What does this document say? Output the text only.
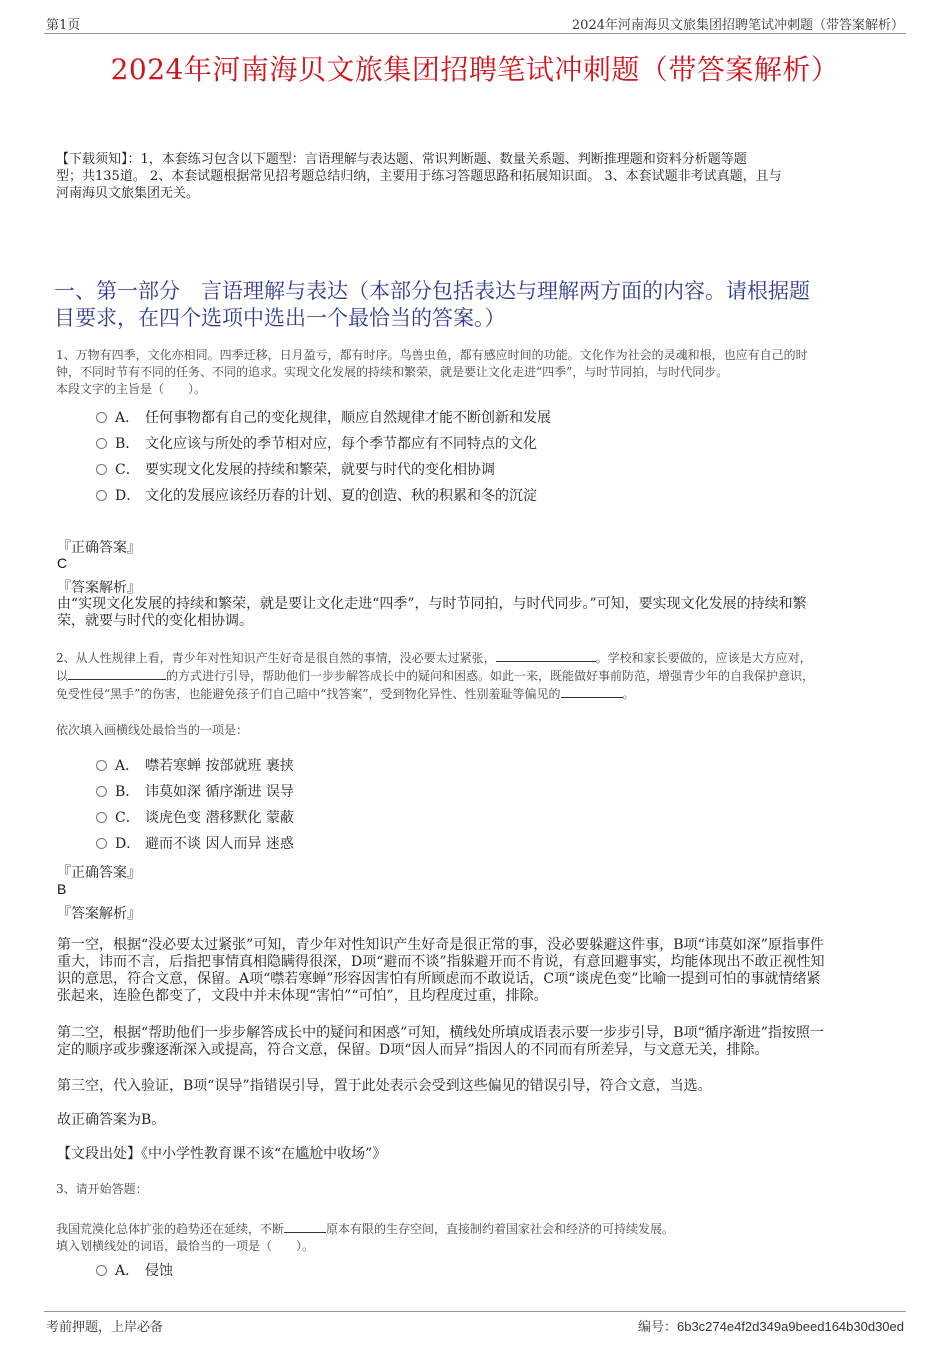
第1页	2024年河南海贝文旅集团招聘笔试冲刺题（带答案解析）
2024年河南海贝文旅集团招聘笔试冲刺题（带答案解析）
【下载须知】：1，本套练习包含以下题型：言语理解与表达题、常识判断题、数量关系题、判断推理题和资料分析题等题
型；共135道。 2、本套试题根据常见招考题总结归纳，主要用于练习答题思路和拓展知识面。 3、本套试题非考试真题，且与
河南海贝文旅集团无关。
一、第一部分　言语理解与表达（本部分包括表达与理解两方面的内容。请根据题
目要求，在四个选项中选出一个最恰当的答案。）
1、万物有四季，文化亦相同。四季迁移，日月盈亏，都有时序。鸟兽虫鱼，都有感应时间的功能。文化作为社会的灵魂和根，也应有自己的时
钟，不同时节有不同的任务、不同的追求。实现文化发展的持续和繁荣，就是要让文化走进“四季”，与时节同拍，与时代同步。
本段文字的主旨是（　　）。
A． 任何事物都有自己的变化规律，顺应自然规律才能不断创新和发展
B． 文化应该与所处的季节相对应，每个季节都应有不同特点的文化
C． 要实现文化发展的持续和繁荣，就要与时代的变化相协调
D． 文化的发展应该经历春的计划、夏的创造、秋的积累和冬的沉淀
『正确答案』
C
『答案解析』
由“实现文化发展的持续和繁荣，就是要让文化走进“四季”，与时节同拍，与时代同步。”可知，要实现文化发展的持续和繁
荣，就要与时代的变化相协调。
2、从人性规律上看，青少年对性知识产生好奇是很自然的事情，没必要太过紧张，	。学校和家长要做的，应该是大方应对，
以	的方式进行引导，帮助他们一步步解答成长中的疑问和困惑。如此一来，既能做好事前防范，增强青少年的自我保护意识，
免受性侵“黑手”的伤害，也能避免孩子们自己暗中“找答案”，受到物化异性、性别羞耻等偏见的	。
依次填入画横线处最恰当的一项是：
A． 噤若寒蝉 按部就班 裹挟
B． 讳莫如深 循序渐进 误导
C． 谈虎色变 潜移默化 蒙蔽
D． 避而不谈 因人而异 迷惑
『正确答案』
B
『答案解析』
第一空，根据“没必要太过紧张”可知，青少年对性知识产生好奇是很正常的事，没必要躲避这件事，B项“讳莫如深”原指事件
重大，讳而不言，后指把事情真相隐瞒得很深，D项“避而不谈”指躲避开而不肯说，有意回避事实，均能体现出不敢正视性知
识的意思，符合文意，保留。A项“噤若寒蝉”形容因害怕有所顾虑而不敢说话，C项“谈虎色变”比喻一提到可怕的事就情绪紧
张起来，连脸色都变了，文段中并未体现“害怕”“可怕”，且均程度过重，排除。
第二空，根据“帮助他们一步步解答成长中的疑问和困惑”可知，横线处所填成语表示要一步步引导，B项“循序渐进”指按照一
定的顺序或步骤逐渐深入或提高，符合文意，保留。D项“因人而异”指因人的不同而有所差异，与文意无关，排除。
第三空，代入验证，B项“误导”指错误引导，置于此处表示会受到这些偏见的错误引导，符合文意，当选。
故正确答案为B。
【文段出处】《中小学性教育课不该“在尴尬中收场”》
3、请开始答题：
我国荒漠化总体扩张的趋势还在延续，不断	原本有限的生存空间，直接制约着国家社会和经济的可持续发展。
填入划横线处的词语，最恰当的一项是（　　）。
A． 侵蚀
考前押题，上岸必备	编号：6b3c274e4f2d349a9beed164b30d30ed
